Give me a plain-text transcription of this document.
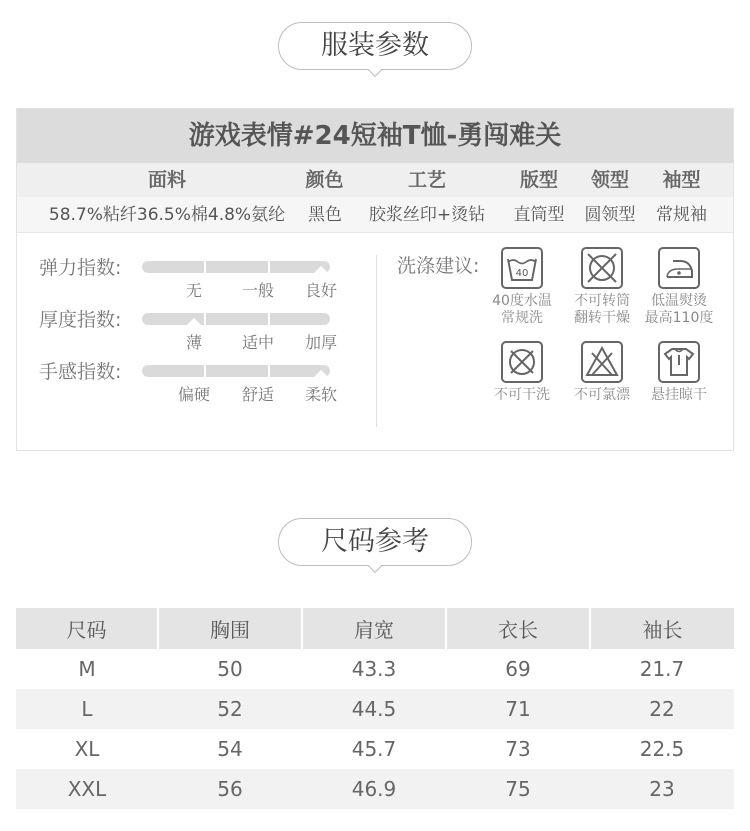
服装参数
游戏表情#24短袖T恤-勇闯难关
面料	颜色	工艺	版型	领型	袖型
58.7%粘纤36.5%棉4.8%氨纶	黑色	胶浆丝印+烫钻	直筒型	圆领型	常规袖
弹力指数:
无	一般	良好
厚度指数:
薄	适中	加厚
手感指数:
偏硬	舒适	柔软
洗涤建议:	40
40度水温
常规洗
不可转筒
翻转干燥
低温熨烫
最高110度
不可干洗	不可氯漂	悬挂晾干
尺码参考
尺码	胸围	肩宽	衣长	袖长
M	50	43.3	69	21.7
L	52	44.5	71	22
XL	54	45.7	73	22.5
XXL	56	46.9	75	23
